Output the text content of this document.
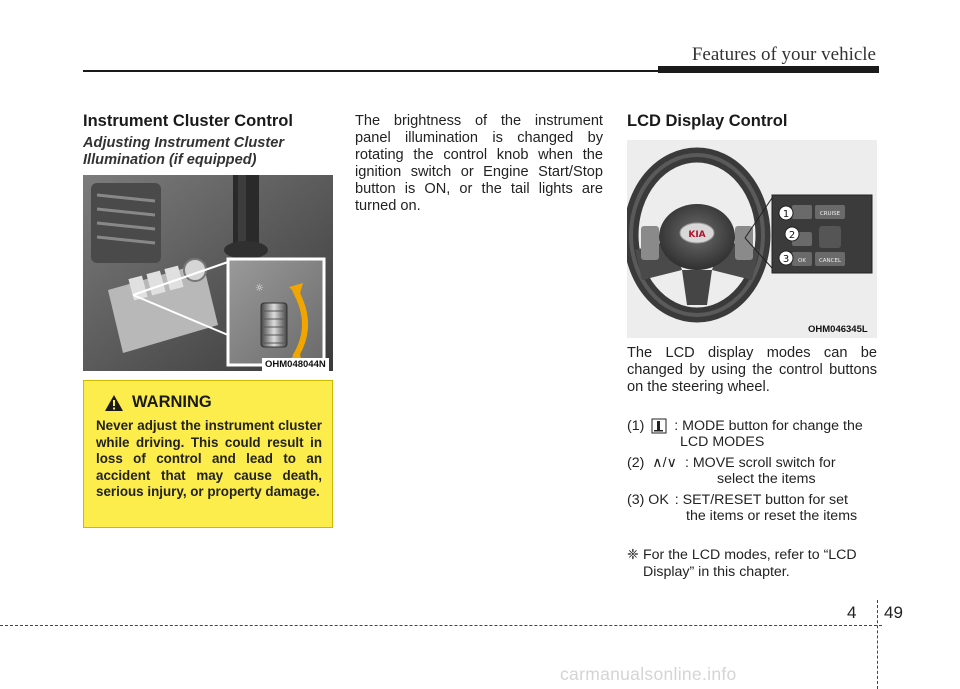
Features of your vehicle
Instrument Cluster Control
Adjusting Instrument Cluster Illumination (if equipped)
☼
OHM048044N
WARNING
Never adjust the instrument cluster while driving. This could result in loss of control and lead to an accident that may cause death, serious injury, or property damage.
The brightness of the instrument panel illumination is changed by rotating the control knob when the ignition switch or Engine Start/Stop button is ON, or the tail lights are turned on.
LCD Display Control
KIA
CRUISE
OK CANCEL
1
2
3
OHM046345L
The LCD display modes can be changed by using the control buttons on the steering wheel.
(1) : MODE button for change the
LCD MODES
(2) ∧/∨ : MOVE scroll switch for
select the items
(3) OK : SET/RESET button for set
the items or reset the items
❈ For the LCD modes, refer to “LCD Display” in this chapter.
4 49
carmanualsonline.info
